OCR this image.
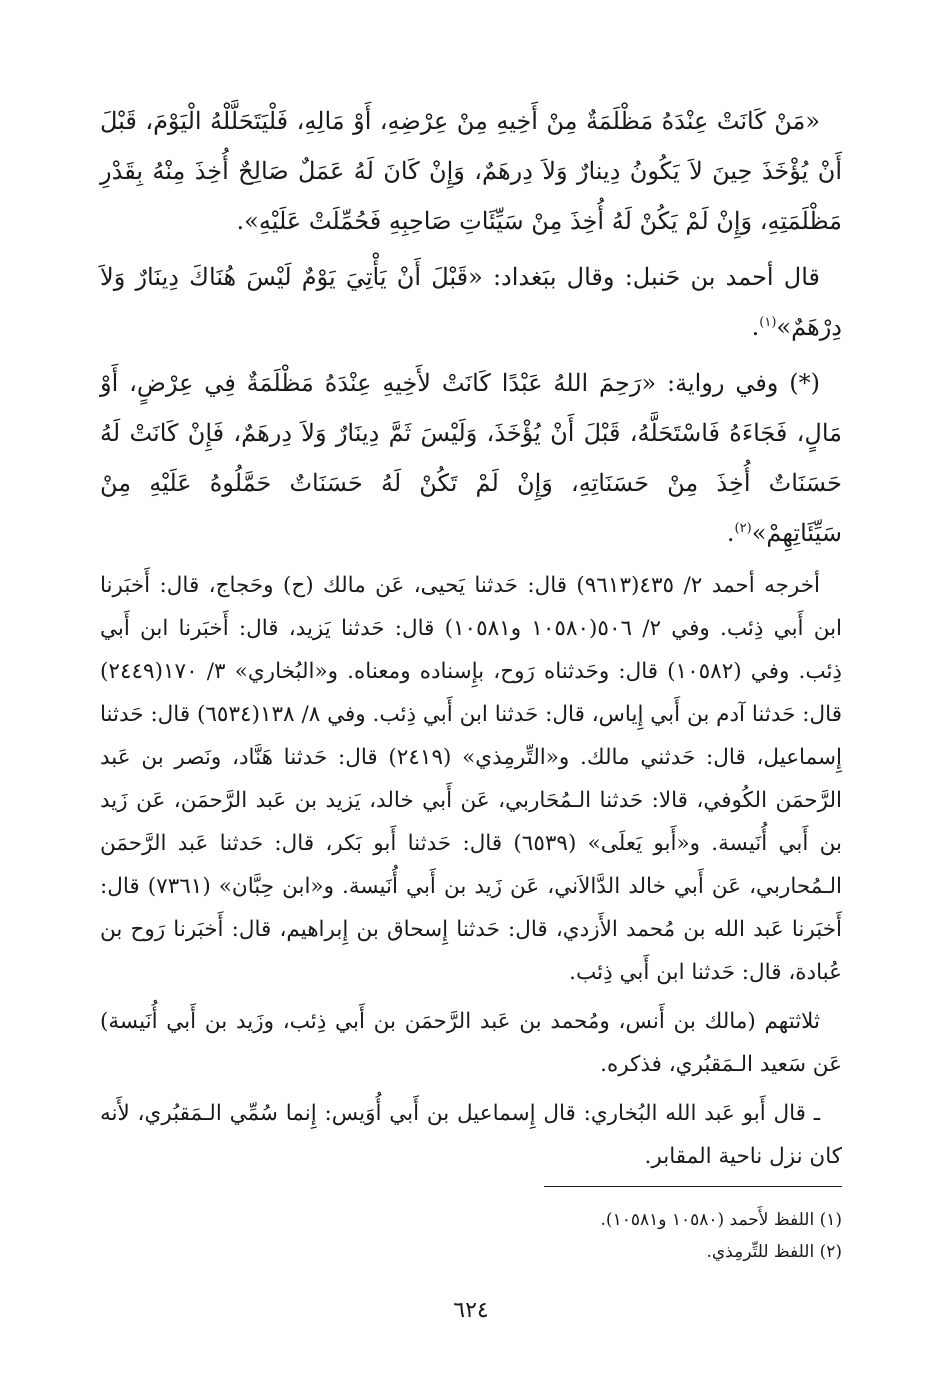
«مَنْ كَانَتْ عِنْدَهُ مَظْلَمَةٌ مِنْ أَخِيهِ مِنْ عِرْضِهِ، أَوْ مَالِهِ، فَلْيَتَحَلَّلْهُ الْيَوْمَ، قَبْلَ أَنْ يُؤْخَذَ حِينَ لاَ يَكُونُ دِينارٌ وَلاَ دِرهَمٌ، وَإِنْ كَانَ لَهُ عَمَلٌ صَالِحٌ أُخِذَ مِنْهُ بِقَدْرِ مَظْلَمَتِهِ، وَإِنْ لَمْ يَكُنْ لَهُ أُخِذَ مِنْ سَيِّئَاتِ صَاحِبِهِ فَحُمِّلَتْ عَلَيْهِ».

قال أحمد بن حَنبل: وقال ببَغداد: «قَبْلَ أَنْ يَأْتِيَ يَوْمٌ لَيْسَ هُنَاكَ دِينَارٌ وَلاَ دِرْهَمٌ»$^{(١)}$.

(*) وفي رواية: «رَحِمَ اللهُ عَبْدًا كَانَتْ لأَخِيهِ عِنْدَهُ مَظْلَمَةٌ فِي عِرْضٍ، أَوْ مَالٍ، فَجَاءَهُ فَاسْتَحَلَّهُ، قَبْلَ أَنْ يُؤْخَذَ، وَلَيْسَ ثَمَّ دِينَارٌ وَلاَ دِرهَمٌ، فَإِنْ كَانَتْ لَهُ حَسَنَاتٌ أُخِذَ مِنْ حَسَنَاتِهِ، وَإِنْ لَمْ تَكُنْ لَهُ حَسَنَاتٌ حَمَّلُوهُ عَلَيْهِ مِنْ سَيِّئَاتِهِمْ»$^{(٢)}$.

أخرجه أحمد ٢/ ٤٣٥(٩٦١٣) قال: حَدثنا يَحيى، عَن مالك (ح) وحَجاج، قال: أَخبَرنا ابن أَبي ذِئب. وفي ٢/ ٥٠٦(١٠٥٨٠ و١٠٥٨١) قال: حَدثنا يَزيد، قال: أَخبَرنا ابن أَبي ذِئب. وفي (١٠٥٨٢) قال: وحَدثناه رَوح، بإِسناده ومعناه. و«البُخاري» ٣/ ١٧٠(٢٤٤٩) قال: حَدثنا آدم بن أَبي إِياس، قال: حَدثنا ابن أَبي ذِئب. وفي ٨/ ١٣٨(٦٥٣٤) قال: حَدثنا إِسماعيل، قال: حَدثني مالك. و«التِّرمِذي» (٢٤١٩) قال: حَدثنا هَنَّاد، ونَصر بن عَبد الرَّحمَن الكُوفي، قالا: حَدثنا الـمُحَاربي، عَن أَبي خالد، يَزيد بن عَبد الرَّحمَن، عَن زَيد بن أَبي أُنَيسة. و«أَبو يَعلَى» (٦٥٣٩) قال: حَدثنا أَبو بَكر، قال: حَدثنا عَبد الرَّحمَن الـمُحاربي، عَن أَبي خالد الدَّالاَني، عَن زَيد بن أَبي أُنَيسة. و«ابن حِبَّان» (٧٣٦١) قال: أَخبَرنا عَبد الله بن مُحمد الأَزدي، قال: حَدثنا إِسحاق بن إِبراهيم، قال: أَخبَرنا رَوح بن عُبادة، قال: حَدثنا ابن أَبي ذِئب.

ثلاثتهم (مالك بن أَنس، ومُحمد بن عَبد الرَّحمَن بن أَبي ذِئب، وزَيد بن أَبي أُنَيسة) عَن سَعيد الـمَقبُري، فذكره.

ـ قال أَبو عَبد الله البُخاري: قال إِسماعيل بن أَبي أُوَيس: إِنما سُمِّي الـمَقبُري، لأَنه كان نزل ناحية المقابر.

(١) اللفظ لأَحمد (١٠٥٨٠ و١٠٥٨١).

(٢) اللفظ للتِّرمِذي.

٦٢٤
